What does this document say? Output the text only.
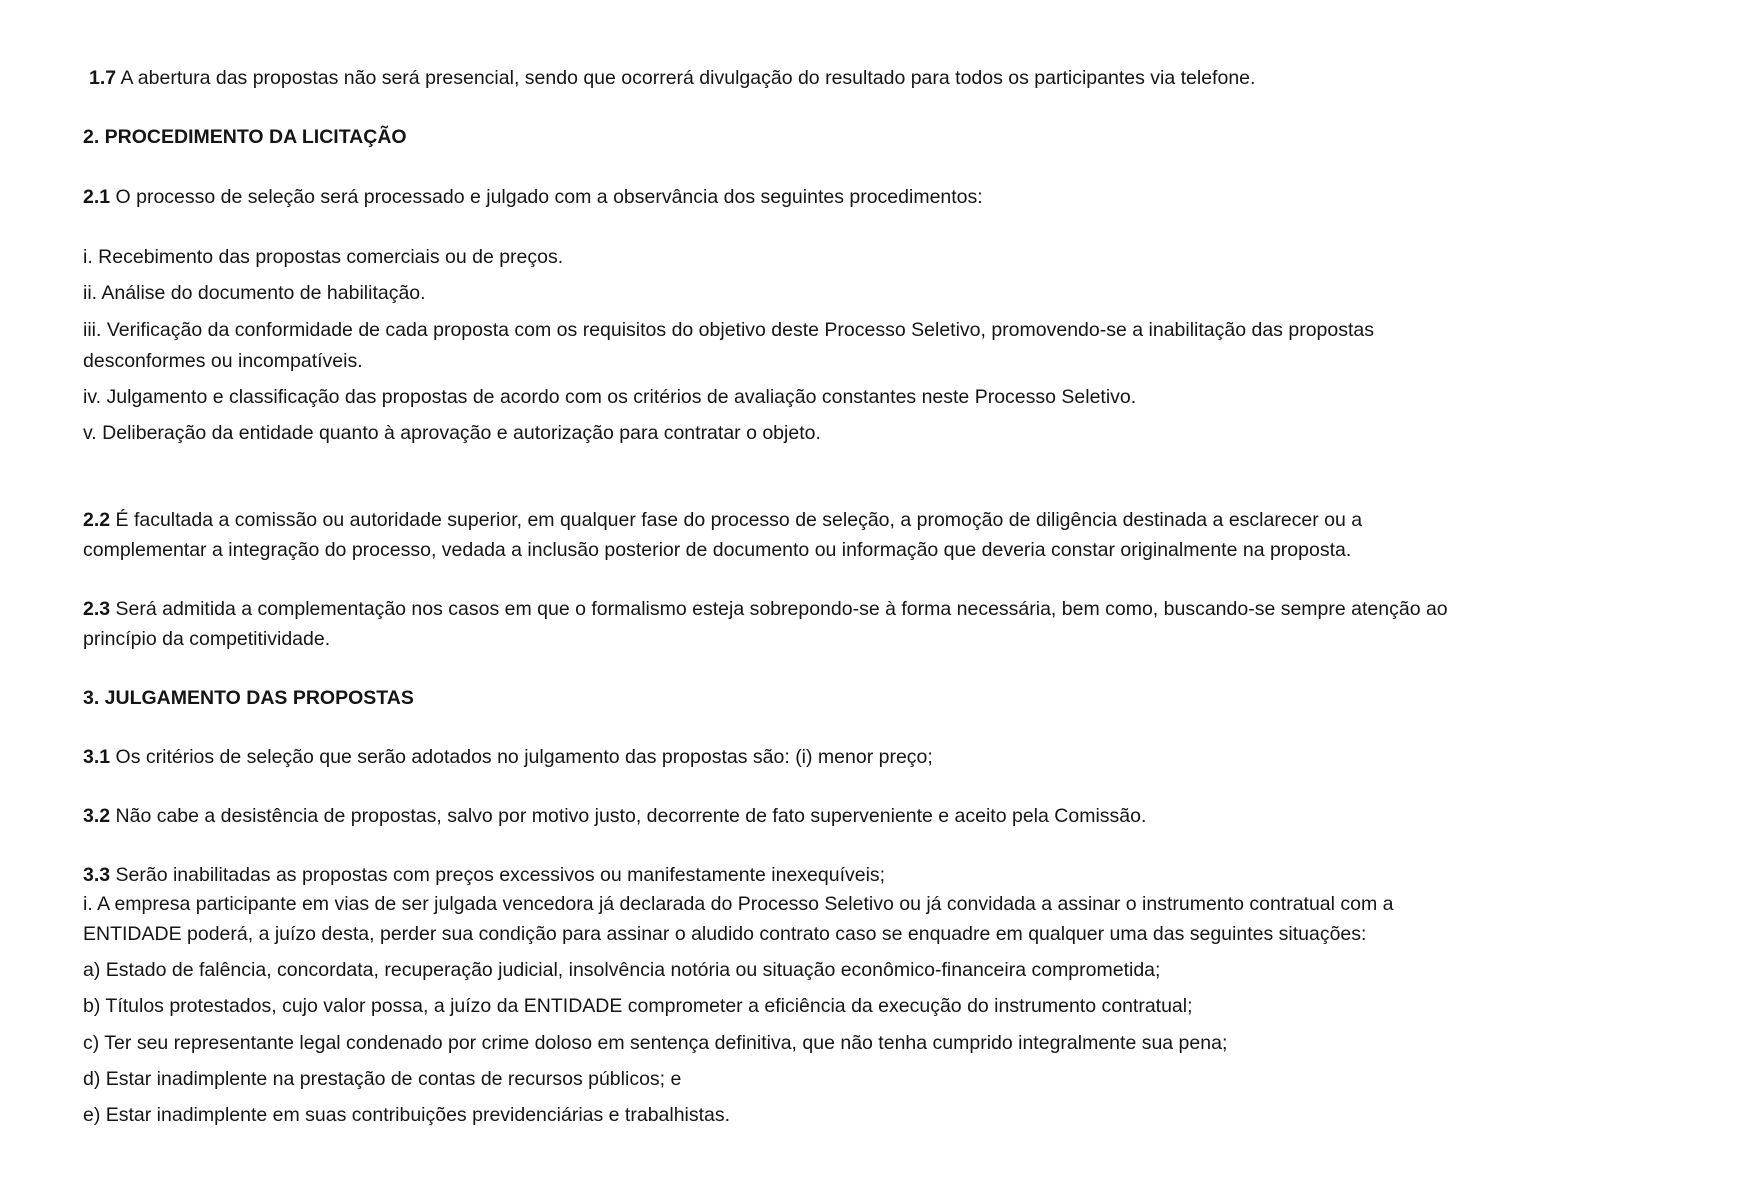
1.7 A abertura das propostas não será presencial, sendo que ocorrerá divulgação do resultado para todos os participantes via telefone.
2. PROCEDIMENTO DA LICITAÇÃO
2.1 O processo de seleção será processado e julgado com a observância dos seguintes procedimentos:
i. Recebimento das propostas comerciais ou de preços.
ii. Análise do documento de habilitação.
iii. Verificação da conformidade de cada proposta com os requisitos do objetivo deste Processo Seletivo, promovendo-se a inabilitação das propostas
desconformes ou incompatíveis.
iv. Julgamento e classificação das propostas de acordo com os critérios de avaliação constantes neste Processo Seletivo.
v. Deliberação da entidade quanto à aprovação e autorização para contratar o objeto.
2.2 É facultada a comissão ou autoridade superior, em qualquer fase do processo de seleção, a promoção de diligência destinada a esclarecer ou a
complementar a integração do processo, vedada a inclusão posterior de documento ou informação que deveria constar originalmente na proposta.
2.3 Será admitida a complementação nos casos em que o formalismo esteja sobrepondo-se à forma necessária, bem como, buscando-se sempre atenção ao
princípio da competitividade.
3. JULGAMENTO DAS PROPOSTAS
3.1 Os critérios de seleção que serão adotados no julgamento das propostas são: (i) menor preço;
3.2 Não cabe a desistência de propostas, salvo por motivo justo, decorrente de fato superveniente e aceito pela Comissão.
3.3 Serão inabilitadas as propostas com preços excessivos ou manifestamente inexequíveis;
i. A empresa participante em vias de ser julgada vencedora já declarada do Processo Seletivo ou já convidada a assinar o instrumento contratual com a
ENTIDADE poderá, a juízo desta, perder sua condição para assinar o aludido contrato caso se enquadre em qualquer uma das seguintes situações:
a) Estado de falência, concordata, recuperação judicial, insolvência notória ou situação econômico-financeira comprometida;
b) Títulos protestados, cujo valor possa, a juízo da ENTIDADE comprometer a eficiência da execução do instrumento contratual;
c) Ter seu representante legal condenado por crime doloso em sentença definitiva, que não tenha cumprido integralmente sua pena;
d) Estar inadimplente na prestação de contas de recursos públicos; e
e) Estar inadimplente em suas contribuições previdenciárias e trabalhistas.
